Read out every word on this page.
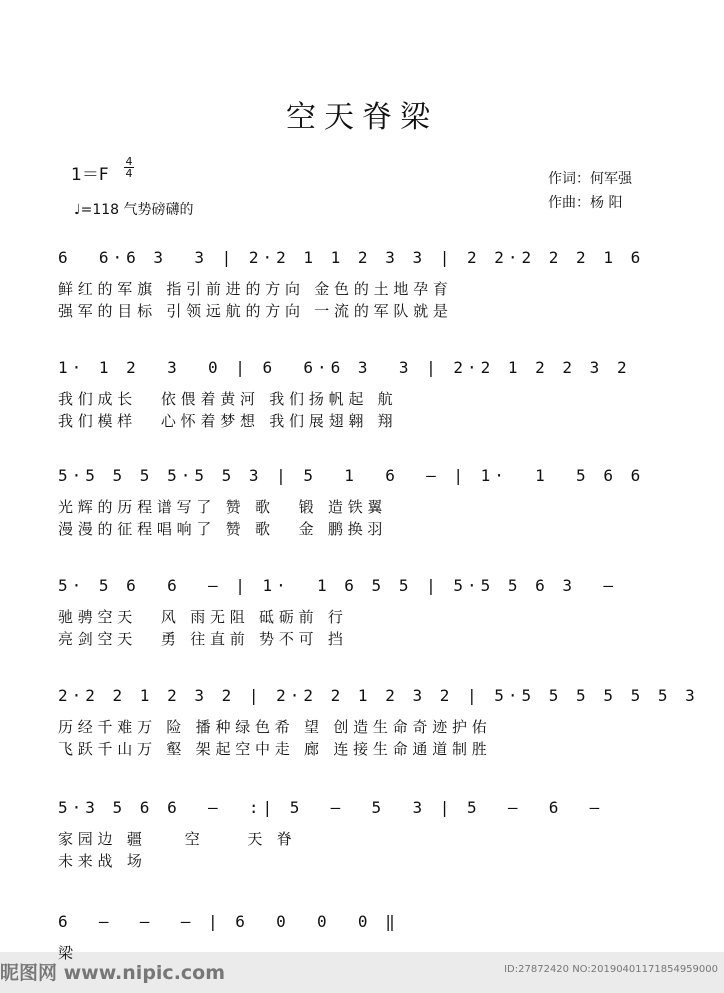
空天脊梁
1＝F
4
4
♩=118 气势磅礴的
作词：何军强
作曲：杨 阳
6  6·6 3  3 | 2·2 1 1 2 3 3 | 2 2·2 2 2 1 6
鲜 红 的 军 旗   指 引 前 进 的 方 向   金 色 的 土 地 孕 育
强 军 的 目 标   引 领 远 航 的 方 向   一 流 的 军 队 就 是
1· 1 2  3  0 | 6  6·6 3  3 | 2·2 1 2 2 3 2
我 们 成 长      依 偎 着 黄 河   我 们 扬 帆 起   航
我 们 模 样      心 怀 着 梦 想   我 们 展 翅 翱   翔
5·5 5 5 5·5 5 3 | 5  1  6  – | 1·  1  5 6 6
光 辉 的 历 程 谱 写 了   赞   歌      锻   造 铁 翼
漫 漫 的 征 程 唱 响 了   赞   歌      金   鹏 换 羽
5· 5 6  6  – | 1·  1 6 5 5 | 5·5 5 6 3  –
驰 骋 空 天      风   雨 无 阻   砥 砺 前   行
亮 剑 空 天      勇   往 直 前   势 不 可   挡
2·2 2 1 2 3 2 | 2·2 2 1 2 3 2 | 5·5 5 5 5 5 5 3
历 经 千 难 万   险   播 种 绿 色 希   望   创 造 生 命 奇 迹 护 佑
飞 跃 千 山 万   壑   架 起 空 中 走   廊   连 接 生 命 通 道 制 胜
5·3 5 6 6  –  :| 5  –  5  3 | 5  –  6  –
家 园 边   疆         空          天   脊
未 来 战   场
6  –  –  – | 6  0  0  0 ‖
梁
昵图网 www.nipic.com	ID:27872420 NO:20190401171854959000
